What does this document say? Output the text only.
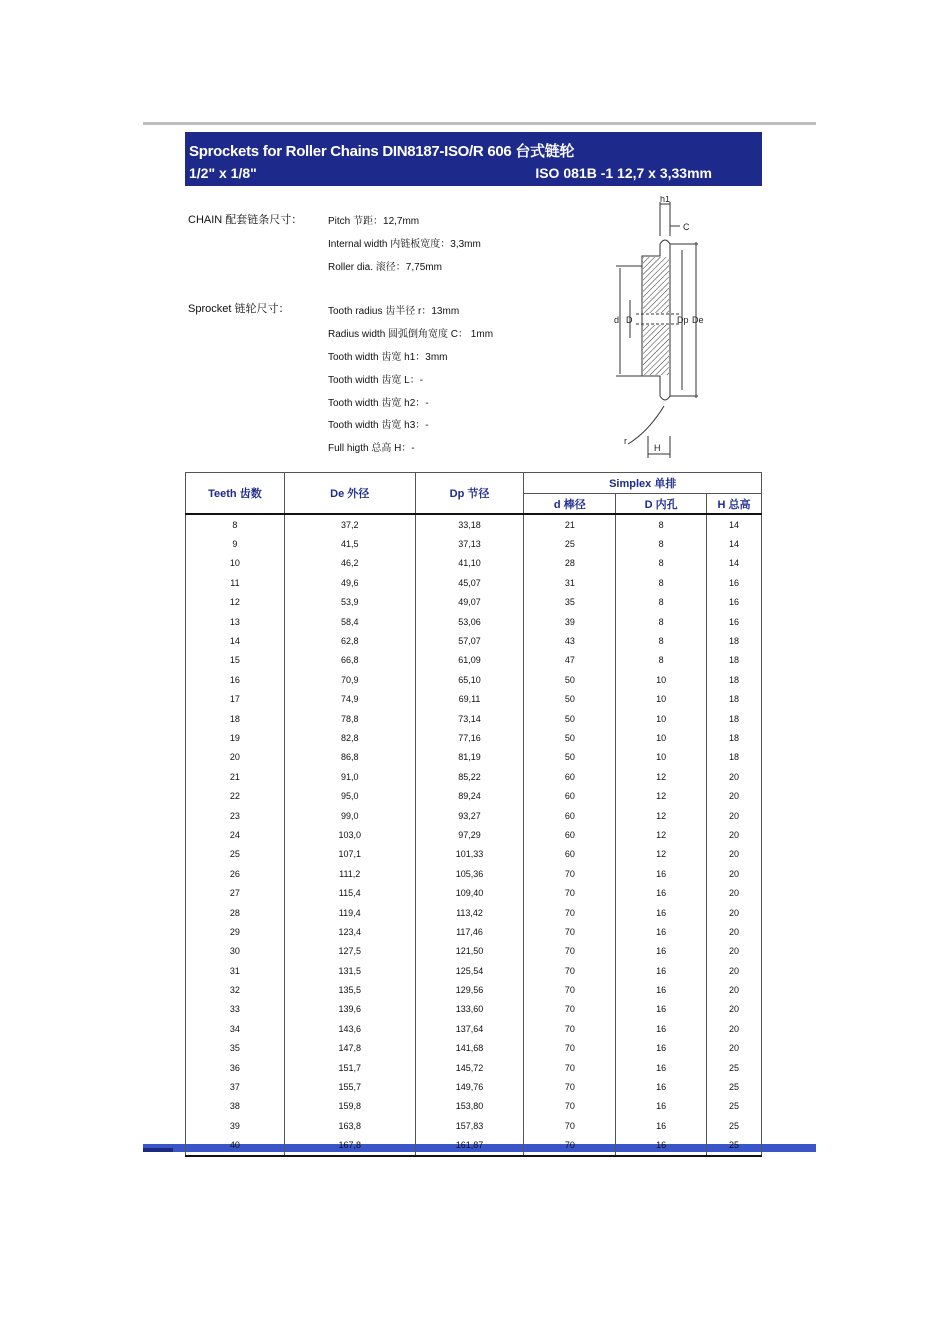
Sprockets for Roller Chains DIN8187-ISO/R 606 台式链轮
1/2" x 1/8"	ISO 081B -1 12,7 x 3,33mm
CHAIN 配套链条尺寸：	Pitch 节距：12,7mm
Internal width 内链板宽度：3,3mm
Roller dia. 滚径：7,75mm
Sprocket 链轮尺寸：	Tooth radius 齿半径 r：13mm
Radius width 圆弧倒角宽度 C： 1mm
Tooth width 齿宽 h1：3mm
Tooth width 齿宽 L：-
Tooth width 齿宽 h2：-
Tooth width 齿宽 h3：-
Full higth 总高 H：-
h1
C
d D	Dp De
r
H
Teeth 齿数	De 外径	Dp 节径	Simplex 单排		
			d 棒径	D 内孔	H 总高
8	37,2	33,18	21	8	14
9	41,5	37,13	25	8	14
10	46,2	41,10	28	8	14
11	49,6	45,07	31	8	16
12	53,9	49,07	35	8	16
13	58,4	53,06	39	8	16
14	62,8	57,07	43	8	18
15	66,8	61,09	47	8	18
16	70,9	65,10	50	10	18
17	74,9	69,11	50	10	18
18	78,8	73,14	50	10	18
19	82,8	77,16	50	10	18
20	86,8	81,19	50	10	18
21	91,0	85,22	60	12	20
22	95,0	89,24	60	12	20
23	99,0	93,27	60	12	20
24	103,0	97,29	60	12	20
25	107,1	101,33	60	12	20
26	111,2	105,36	70	16	20
27	115,4	109,40	70	16	20
28	119,4	113,42	70	16	20
29	123,4	117,46	70	16	20
30	127,5	121,50	70	16	20
31	131,5	125,54	70	16	20
32	135,5	129,56	70	16	20
33	139,6	133,60	70	16	20
34	143,6	137,64	70	16	20
35	147,8	141,68	70	16	20
36	151,7	145,72	70	16	25
37	155,7	149,76	70	16	25
38	159,8	153,80	70	16	25
39	163,8	157,83	70	16	25
40	167,8	161,87	70	16	25
